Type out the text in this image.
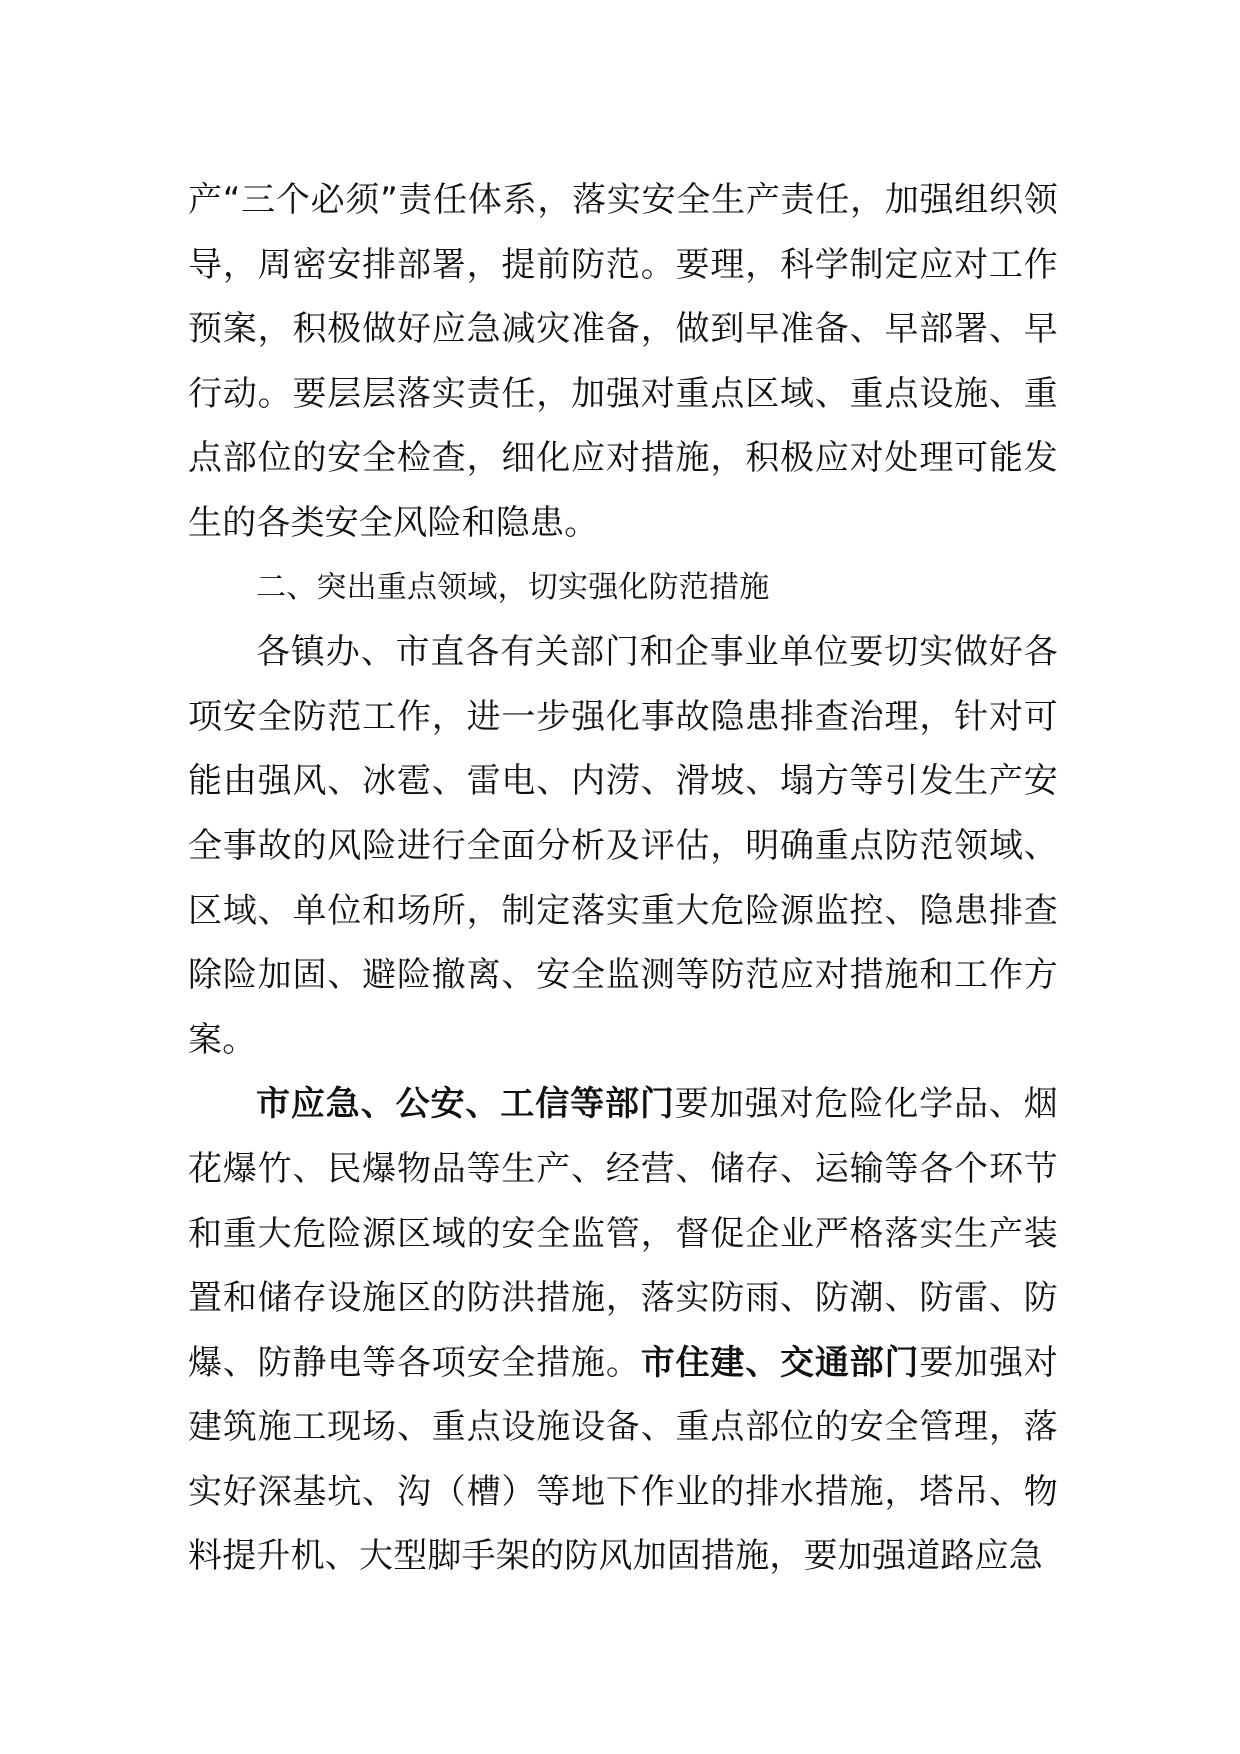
产“三个必须”责任体系，落实安全生产责任，加强组织领导，周密安排部署，提前防范。要理，科学制定应对工作预案，积极做好应急减灾准备，做到早准备、早部署、早行动。要层层落实责任，加强对重点区域、重点设施、重点部位的安全检查，细化应对措施，积极应对处理可能发生的各类安全风险和隐患。

二、突出重点领域，切实强化防范措施

各镇办、市直各有关部门和企事业单位要切实做好各项安全防范工作，进一步强化事故隐患排查治理，针对可能由强风、冰雹、雷电、内涝、滑坡、塌方等引发生产安全事故的风险进行全面分析及评估，明确重点防范领域、区域、单位和场所，制定落实重大危险源监控、隐患排查除险加固、避险撤离、安全监测等防范应对措施和工作方案。

市应急、公安、工信等部门要加强对危险化学品、烟花爆竹、民爆物品等生产、经营、储存、运输等各个环节和重大危险源区域的安全监管，督促企业严格落实生产装置和储存设施区的防洪措施，落实防雨、防潮、防雷、防爆、防静电等各项安全措施。市住建、交通部门要加强对建筑施工现场、重点设施设备、重点部位的安全管理，落实好深基坑、沟（槽）等地下作业的排水措施，塔吊、物料提升机、大型脚手架的防风加固措施，要加强道路应急
